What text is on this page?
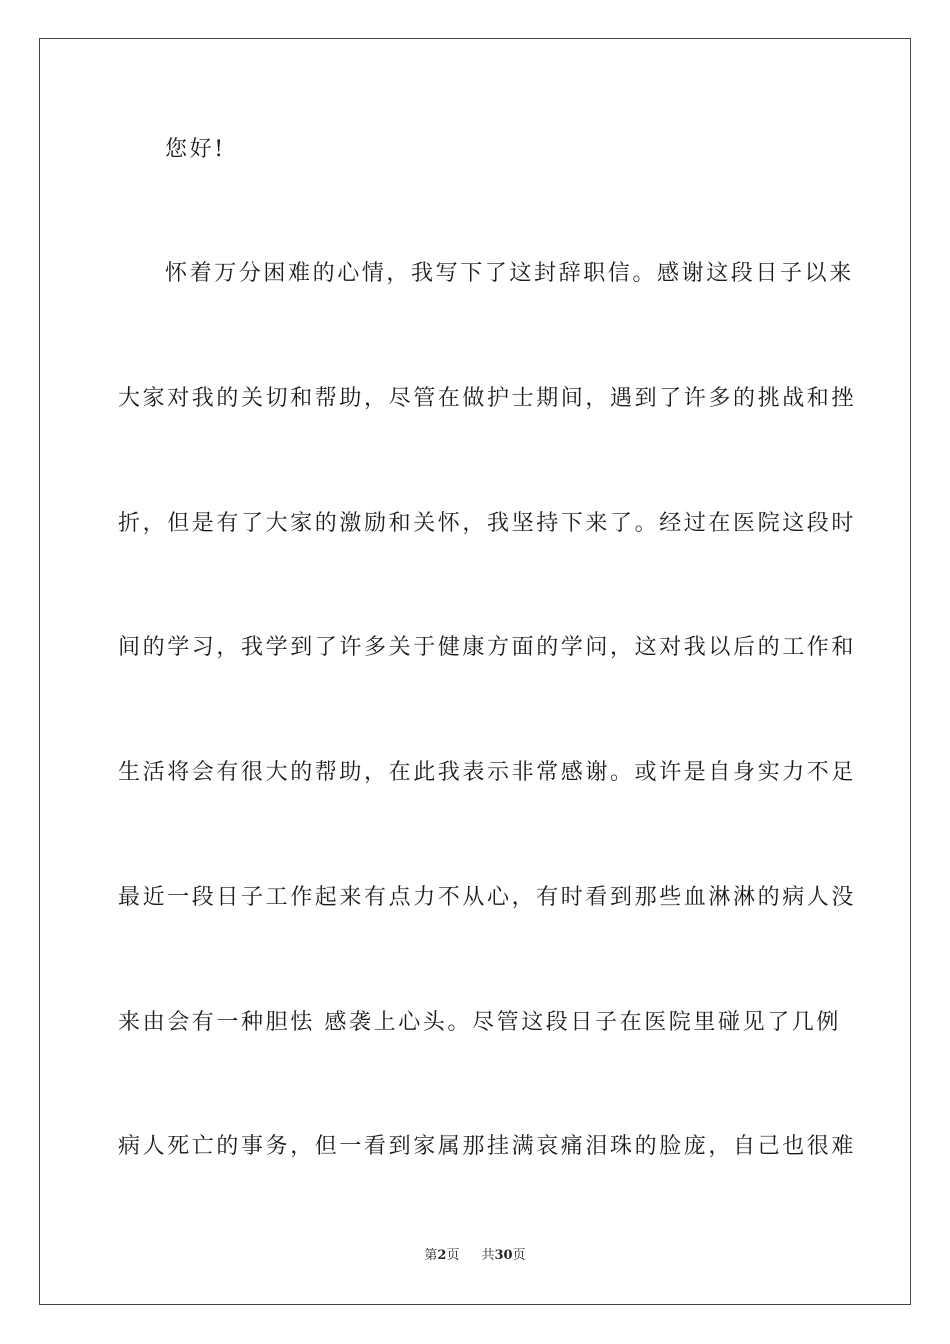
您好!
怀着万分困难的心情，我写下了这封辞职信。感谢这段日子以来
大家对我的关切和帮助，尽管在做护士期间，遇到了许多的挑战和挫
折，但是有了大家的激励和关怀，我坚持下来了。经过在医院这段时
间的学习，我学到了许多关于健康方面的学问，这对我以后的工作和
生活将会有很大的帮助，在此我表示非常感谢。或许是自身实力不足
最近一段日子工作起来有点力不从心，有时看到那些血淋淋的病人没
来由会有一种胆怯 感袭上心头。尽管这段日子在医院里碰见了几例
病人死亡的事务，但一看到家属那挂满哀痛泪珠的脸庞，自己也很难
第2页 共30页
